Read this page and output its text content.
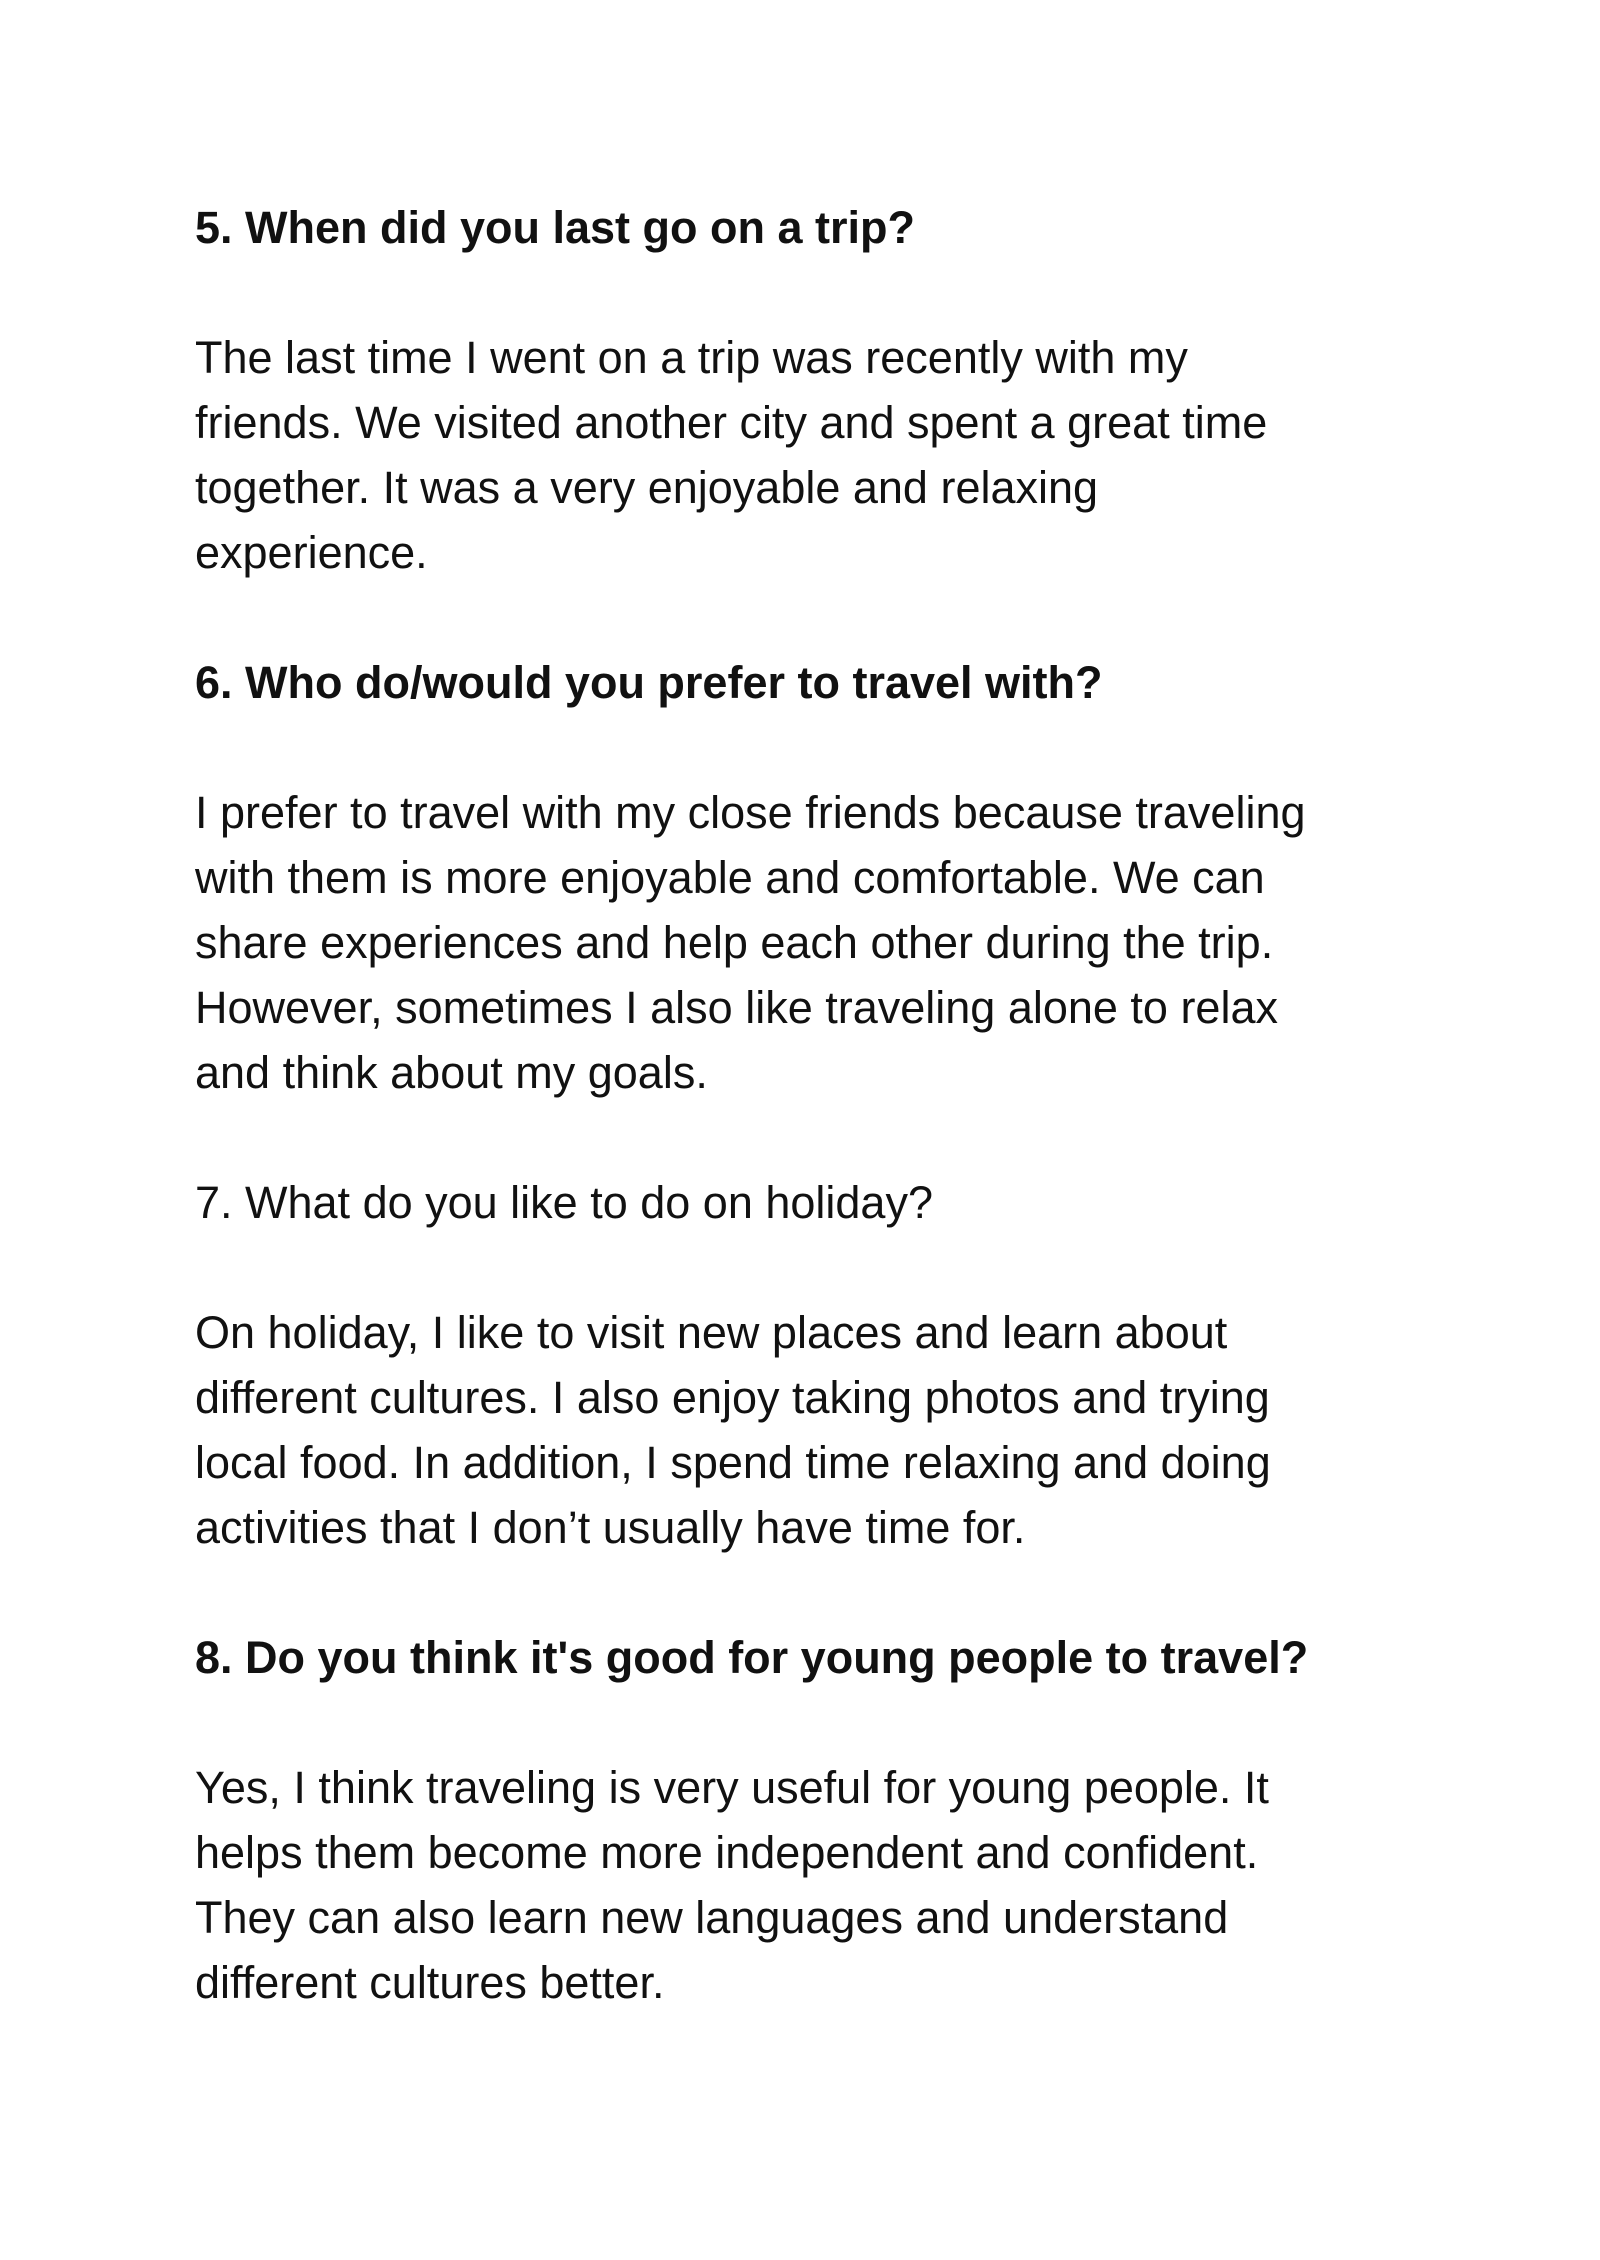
5. When did you last go on a trip?

The last time I went on a trip was recently with my
friends. We visited another city and spent a great time
together. It was a very enjoyable and relaxing
experience.

6. Who do/would you prefer to travel with?

I prefer to travel with my close friends because traveling
with them is more enjoyable and comfortable. We can
share experiences and help each other during the trip.
However, sometimes I also like traveling alone to relax
and think about my goals.

7. What do you like to do on holiday?

On holiday, I like to visit new places and learn about
different cultures. I also enjoy taking photos and trying
local food. In addition, I spend time relaxing and doing
activities that I don’t usually have time for.

8. Do you think it's good for young people to travel?

Yes, I think traveling is very useful for young people. It
helps them become more independent and confident.
They can also learn new languages and understand
different cultures better.
